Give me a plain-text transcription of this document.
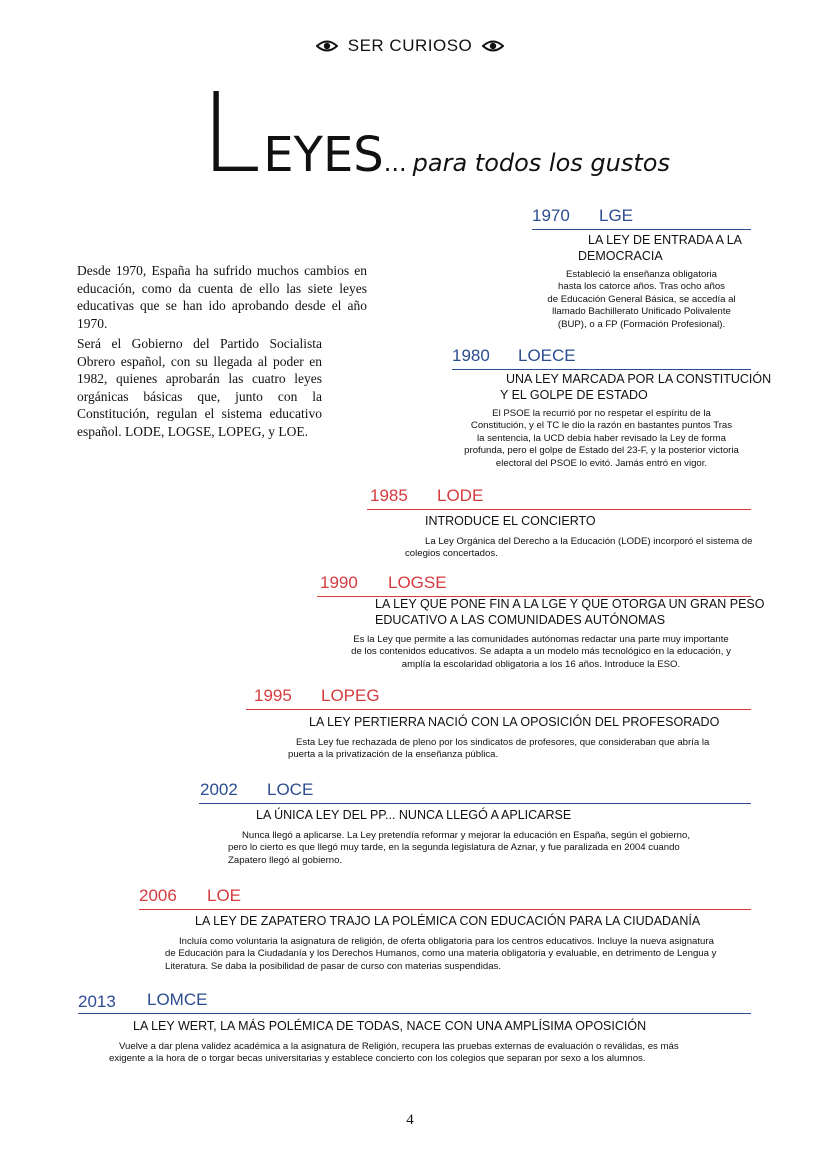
SER CURIOSO
LEYES... para todos los gustos

Desde 1970, España ha sufrido muchos cambios en educación, como da cuenta de ello las siete leyes educativas que se han ido aprobando desde el año 1970.

Será el Gobierno del Partido Socialista Obrero español, con su llegada al poder en 1982, quienes aprobarán las cuatro leyes orgánicas básicas que, junto con la Constitución, regulan el sistema educativo español. LODE, LOGSE, LOPEG, y LOE.

1970 LGE
LA LEY DE ENTRADA A LA
DEMOCRACIA
Estableció la enseñanza obligatoria
hasta los catorce años. Tras ocho años
de Educación General Básica, se accedía al
llamado Bachillerato Unificado Polivalente
(BUP), o a FP (Formación Profesional).
1980 LOECE
UNA LEY MARCADA POR LA CONSTITUCIÓN
Y EL GOLPE DE ESTADO
El PSOE la recurrió por no respetar el espíritu de la
Constitución, y el TC le dio la razón en bastantes puntos Tras
la sentencia, la UCD debía haber revisado la Ley de forma
profunda, pero el golpe de Estado del 23-F, y la posterior victoria
electoral del PSOE lo evitó. Jamás entró en vigor.
1985 LODE
INTRODUCE EL CONCIERTO
La Ley Orgánica del Derecho a la Educación (LODE) incorporó el sistema de
colegios concertados.
1990 LOGSE
LA LEY QUE PONE FIN A LA LGE Y QUE OTORGA UN GRAN PESO
EDUCATIVO A LAS COMUNIDADES AUTÓNOMAS
Es la Ley que permite a las comunidades autónomas redactar una parte muy importante
de los contenidos educativos. Se adapta a un modelo más tecnológico en la educación, y
amplía la escolaridad obligatoria a los 16 años. Introduce la ESO.
1995 LOPEG
LA LEY PERTIERRA NACIÓ CON LA OPOSICIÓN DEL PROFESORADO
Esta Ley fue rechazada de pleno por los sindicatos de profesores, que consideraban que abría la
puerta a la privatización de la enseñanza pública.
2002 LOCE
LA ÚNICA LEY DEL PP... NUNCA LLEGÓ A APLICARSE
Nunca llegó a aplicarse. La Ley pretendía reformar y mejorar la educación en España, según el gobierno,
pero lo cierto es que llegó muy tarde, en la segunda legislatura de Aznar, y fue paralizada en 2004 cuando
Zapatero llegó al gobierno.
2006 LOE
LA LEY DE ZAPATERO TRAJO LA POLÉMICA CON EDUCACIÓN PARA LA CIUDADANÍA
Incluía como voluntaria la asignatura de religión, de oferta obligatoria para los centros educativos. Incluye la nueva asignatura
de Educación para la Ciudadanía y los Derechos Humanos, como una materia obligatoria y evaluable, en detrimento de Lengua y
Literatura. Se daba la posibilidad de pasar de curso con materias suspendidas.
2013 LOMCE
LA LEY WERT, LA MÁS POLÉMICA DE TODAS, NACE CON UNA AMPLÍSIMA OPOSICIÓN
Vuelve a dar plena validez académica a la asignatura de Religión, recupera las pruebas externas de evaluación o reválidas, es más
exigente a la hora de o torgar becas universitarias y establece concierto con los colegios que separan por sexo a los alumnos.
4
